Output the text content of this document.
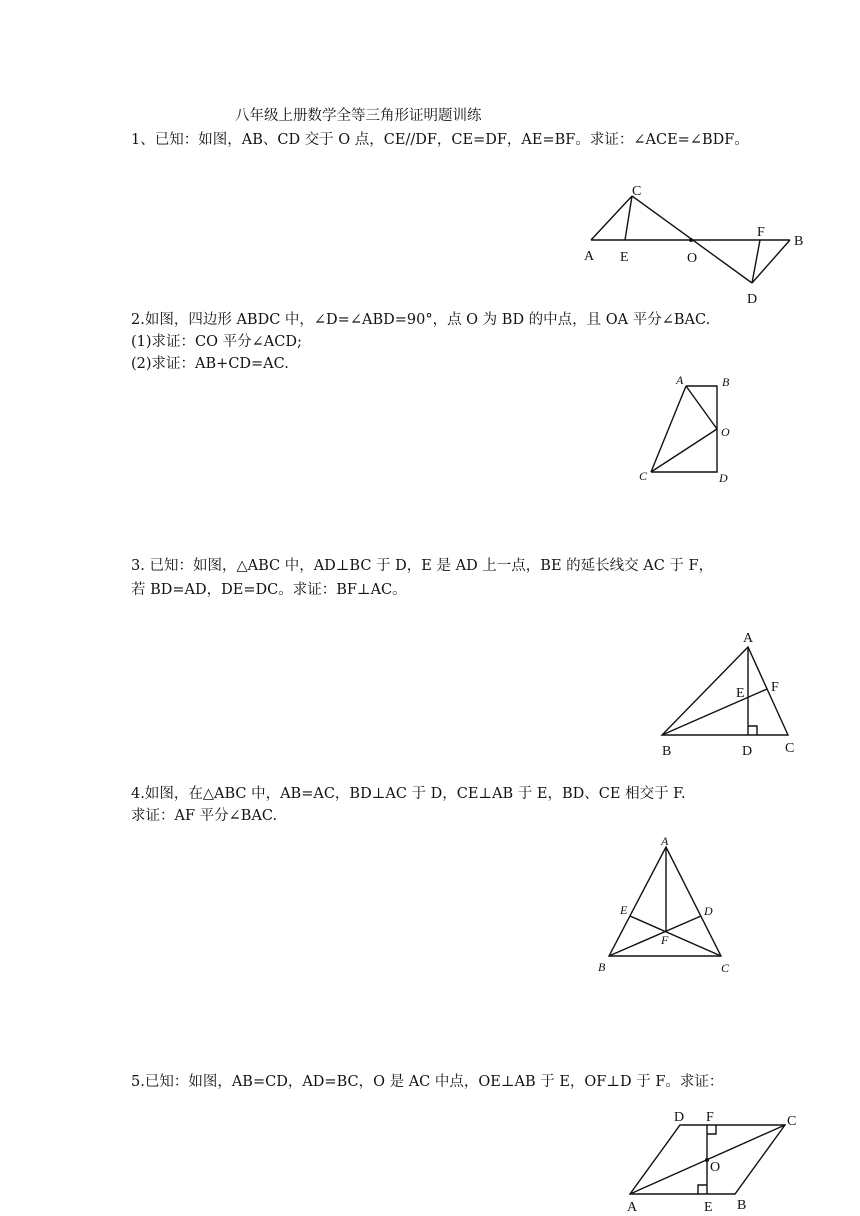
八年级上册数学全等三角形证明题训练
1、已知：如图，AB、CD 交于 O 点，CE//DF，CE=DF，AE=BF。求证：∠ACE=∠BDF。
C
A E	O
F
B
D
2.如图，四边形 ABDC 中，∠D=∠ABD=90°，点 O 为 BD 的中点，且 OA 平分∠BAC.
(1)求证：CO 平分∠ACD;
(2)求证：AB+CD=AC.
A	B
O
C	D
3. 已知：如图，△ABC 中，AD⊥BC 于 D，E 是 AD 上一点，BE 的延长线交 AC 于 F，
若 BD=AD，DE=DC。求证：BF⊥AC。
A
E F
B	D C
4.如图，在△ABC 中，AB=AC，BD⊥AC 于 D，CE⊥AB 于 E，BD、CE 相交于 F.
求证：AF 平分∠BAC.
A
E	D
F
B	C
5.已知：如图，AB=CD，AD=BC，O 是 AC 中点，OE⊥AB 于 E，OF⊥D 于 F。求证：
D F	C
O
A	E B
